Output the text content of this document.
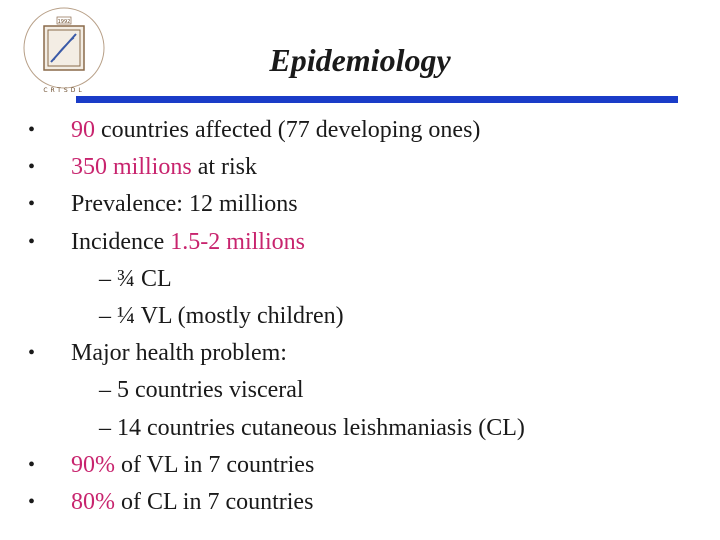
1992
CRTSDL
Epidemiology
• 90 countries affected (77 developing ones)
• 350 millions at risk
• Prevalence: 12 millions
• Incidence 1.5-2 millions
– ¾ CL
– ¼ VL (mostly children)
• Major health problem:
– 5 countries visceral
– 14 countries cutaneous leishmaniasis (CL)
• 90% of VL in 7 countries
• 80% of CL in 7 countries
